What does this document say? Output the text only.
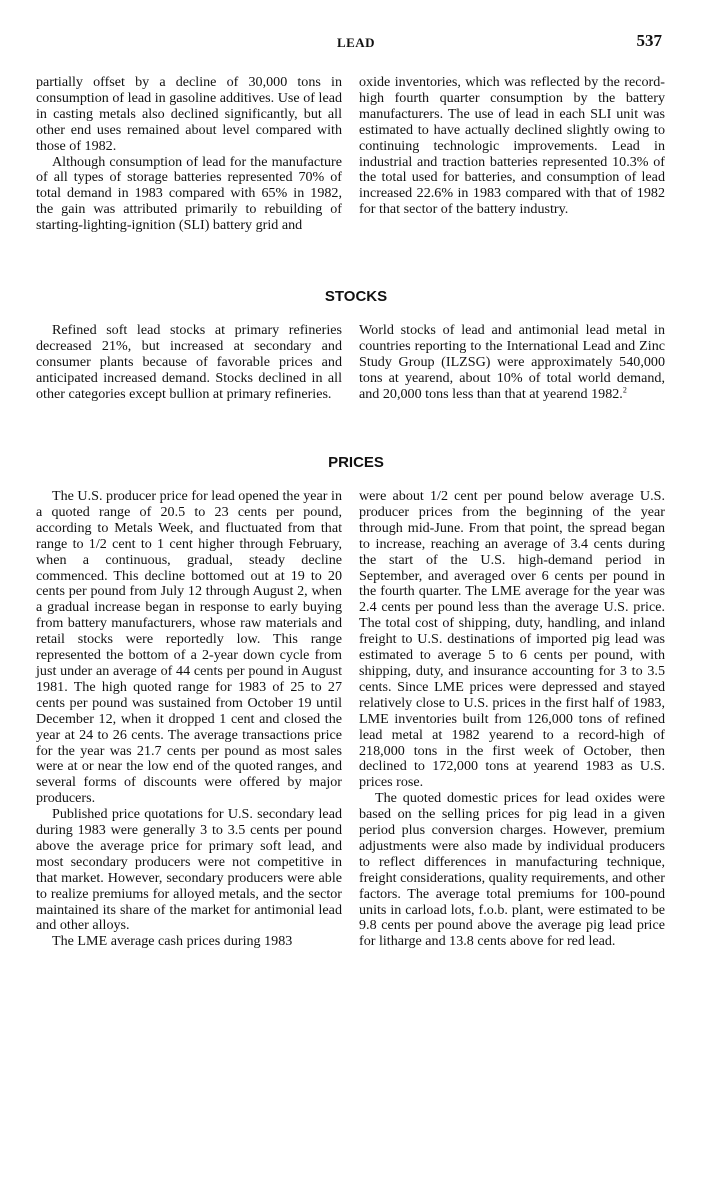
LEAD	537

partially offset by a decline of 30,000 tons in consumption of lead in gasoline additives. Use of lead in casting metals also declined significantly, but all other end uses remained about level compared with those of 1982.

Although consumption of lead for the manufacture of all types of storage batteries represented 70% of total demand in 1983 compared with 65% in 1982, the gain was attributed primarily to rebuilding of starting-lighting-ignition (SLI) battery grid and

oxide inventories, which was reflected by the record-high fourth quarter consumption by the battery manufacturers. The use of lead in each SLI unit was estimated to have actually declined slightly owing to continuing technologic improvements. Lead in industrial and traction batteries represented 10.3% of the total used for batteries, and consumption of lead increased 22.6% in 1983 compared with that of 1982 for that sector of the battery industry.

STOCKS

Refined soft lead stocks at primary refineries decreased 21%, but increased at secondary and consumer plants because of favorable prices and anticipated increased demand. Stocks declined in all other categories except bullion at primary refineries.

World stocks of lead and antimonial lead metal in countries reporting to the International Lead and Zinc Study Group (ILZSG) were approximately 540,000 tons at yearend, about 10% of total world demand, and 20,000 tons less than that at yearend 1982.$^2$

PRICES

The U.S. producer price for lead opened the year in a quoted range of 20.5 to 23 cents per pound, according to Metals Week, and fluctuated from that range to 1/2 cent to 1 cent higher through February, when a continuous, gradual, steady decline commenced. This decline bottomed out at 19 to 20 cents per pound from July 12 through August 2, when a gradual increase began in response to early buying from battery manufacturers, whose raw materials and retail stocks were reportedly low. This range represented the bottom of a 2-year down cycle from just under an average of 44 cents per pound in August 1981. The high quoted range for 1983 of 25 to 27 cents per pound was sustained from October 19 until December 12, when it dropped 1 cent and closed the year at 24 to 26 cents. The average transactions price for the year was 21.7 cents per pound as most sales were at or near the low end of the quoted ranges, and several forms of discounts were offered by major producers.

Published price quotations for U.S. secondary lead during 1983 were generally 3 to 3.5 cents per pound above the average price for primary soft lead, and most secondary producers were not competitive in that market. However, secondary producers were able to realize premiums for alloyed metals, and the sector maintained its share of the market for antimonial lead and other alloys.

The LME average cash prices during 1983

were about 1/2 cent per pound below average U.S. producer prices from the beginning of the year through mid-June. From that point, the spread began to increase, reaching an average of 3.4 cents during the start of the U.S. high-demand period in September, and averaged over 6 cents per pound in the fourth quarter. The LME average for the year was 2.4 cents per pound less than the average U.S. price. The total cost of shipping, duty, handling, and inland freight to U.S. destinations of imported pig lead was estimated to average 5 to 6 cents per pound, with shipping, duty, and insurance accounting for 3 to 3.5 cents. Since LME prices were depressed and stayed relatively close to U.S. prices in the first half of 1983, LME inventories built from 126,000 tons of refined lead metal at 1982 yearend to a record-high of 218,000 tons in the first week of October, then declined to 172,000 tons at yearend 1983 as U.S. prices rose.

The quoted domestic prices for lead oxides were based on the selling prices for pig lead in a given period plus conversion charges. However, premium adjustments were also made by individual producers to reflect differences in manufacturing technique, freight considerations, quality requirements, and other factors. The average total premiums for 100-pound units in carload lots, f.o.b. plant, were estimated to be 9.8 cents per pound above the average pig lead price for litharge and 13.8 cents above for red lead.
